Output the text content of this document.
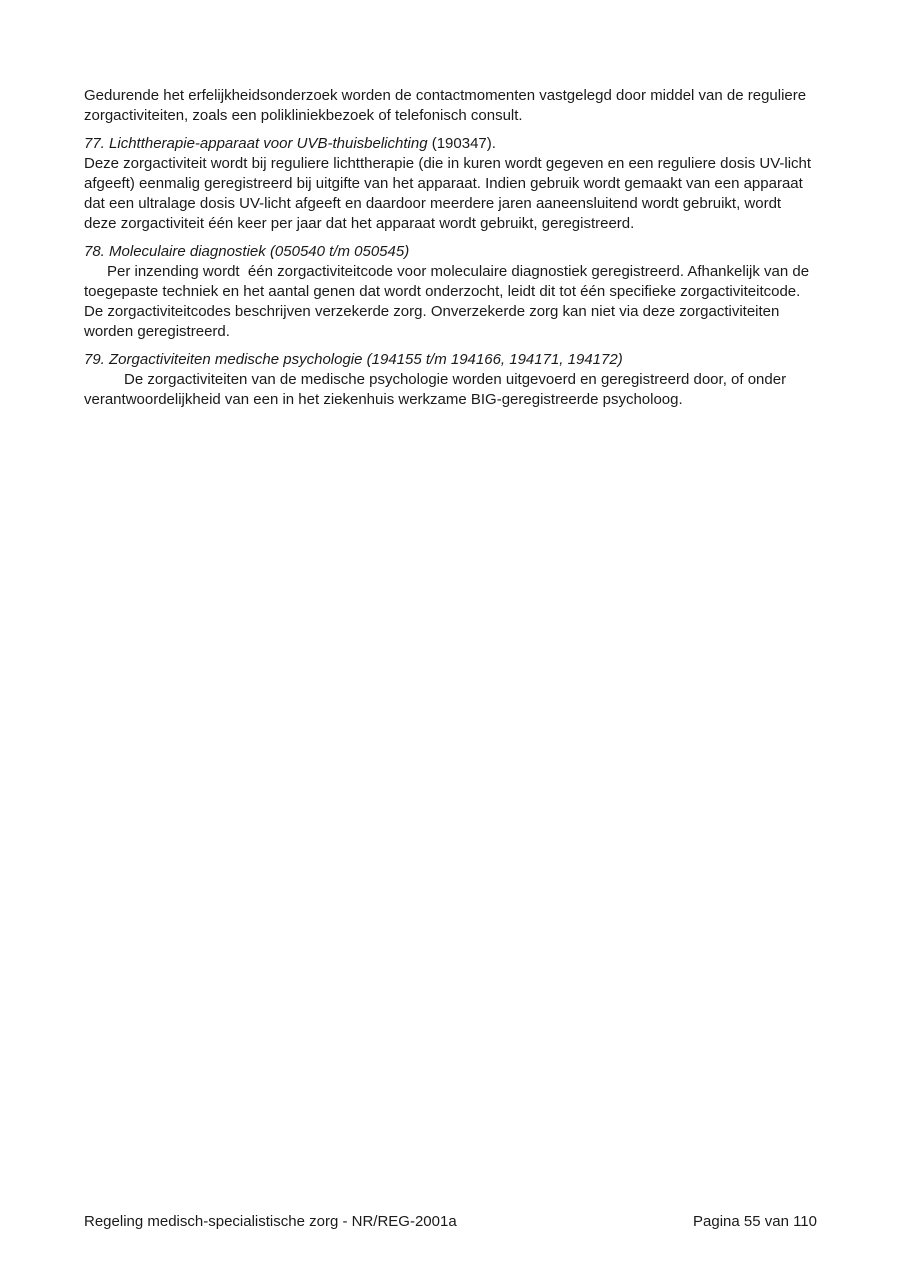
Gedurende het erfelijkheidsonderzoek worden de contactmomenten vastgelegd door middel van de reguliere zorgactiviteiten, zoals een polikliniekbezoek of telefonisch consult.

77. Lichttherapie-apparaat voor UVB-thuisbelichting (190347).

Deze zorgactiviteit wordt bij reguliere lichttherapie (die in kuren wordt gegeven en een reguliere dosis UV-licht afgeeft) eenmalig geregistreerd bij uitgifte van het apparaat. Indien gebruik wordt gemaakt van een apparaat dat een ultralage dosis UV-licht afgeeft en daardoor meerdere jaren aaneensluitend wordt gebruikt, wordt deze zorgactiviteit één keer per jaar dat het apparaat wordt gebruikt, geregistreerd.

78. Moleculaire diagnostiek (050540 t/m 050545)

Per inzending wordt  één zorgactiviteitcode voor moleculaire diagnostiek geregistreerd. Afhankelijk van de toegepaste techniek en het aantal genen dat wordt onderzocht, leidt dit tot één specifieke zorgactiviteitcode. De zorgactiviteitcodes beschrijven verzekerde zorg. Onverzekerde zorg kan niet via deze zorgactiviteiten worden geregistreerd.

79. Zorgactiviteiten medische psychologie (194155 t/m 194166, 194171, 194172)

De zorgactiviteiten van de medische psychologie worden uitgevoerd en geregistreerd door, of onder verantwoordelijkheid van een in het ziekenhuis werkzame BIG-geregistreerde psycholoog.

Regeling medisch-specialistische zorg - NR/REG-2001a	Pagina 55 van 110
